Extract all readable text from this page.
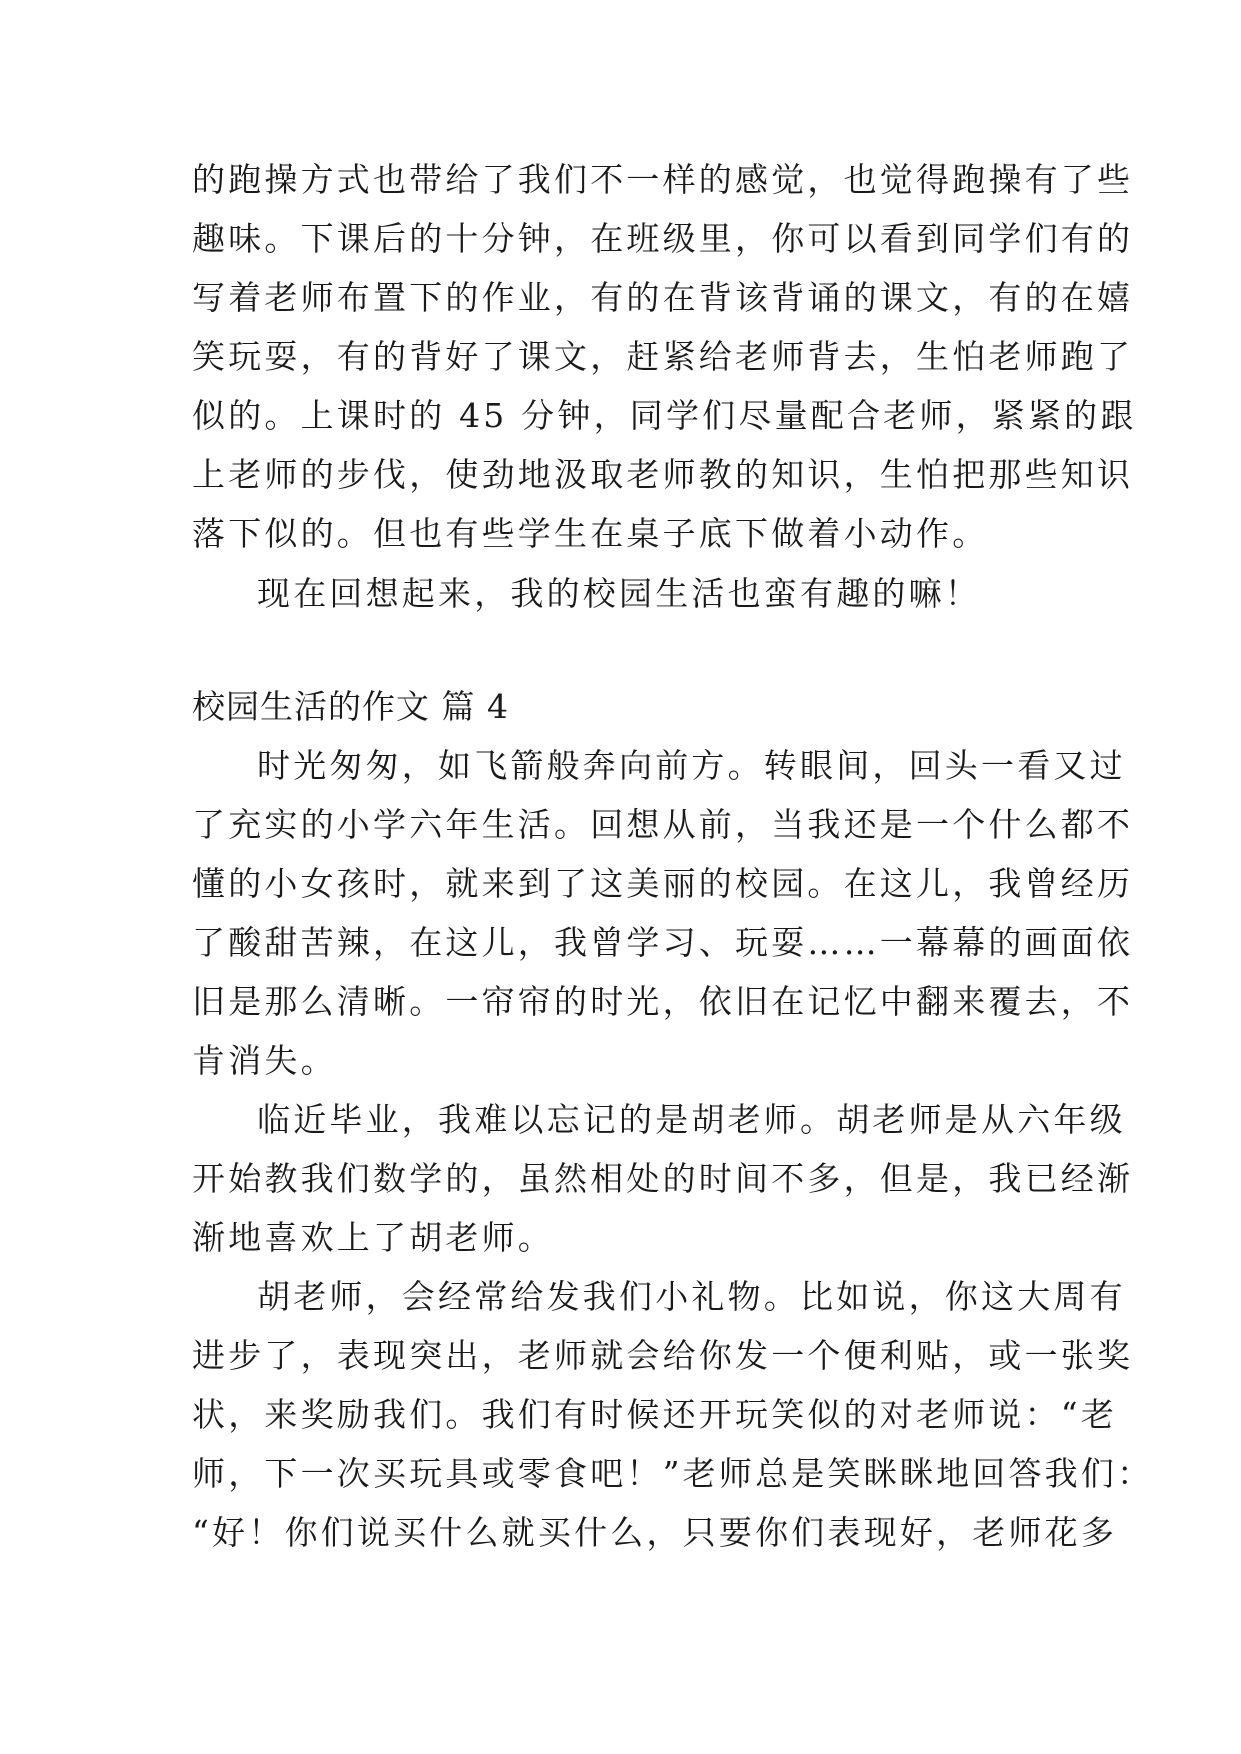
的跑操方式也带给了我们不一样的感觉，也觉得跑操有了些
趣味。下课后的十分钟，在班级里，你可以看到同学们有的
写着老师布置下的作业，有的在背该背诵的课文，有的在嬉
笑玩耍，有的背好了课文，赶紧给老师背去，生怕老师跑了
似的。上课时的 45 分钟，同学们尽量配合老师，紧紧的跟
上老师的步伐，使劲地汲取老师教的知识，生怕把那些知识
落下似的。但也有些学生在桌子底下做着小动作。
现在回想起来，我的校园生活也蛮有趣的嘛！
校园生活的作文 篇 4
时光匆匆，如飞箭般奔向前方。转眼间，回头一看又过
了充实的小学六年生活。回想从前，当我还是一个什么都不
懂的小女孩时，就来到了这美丽的校园。在这儿，我曾经历
了酸甜苦辣，在这儿，我曾学习、玩耍……一幕幕的画面依
旧是那么清晰。一帘帘的时光，依旧在记忆中翻来覆去，不
肯消失。
临近毕业，我难以忘记的是胡老师。胡老师是从六年级
开始教我们数学的，虽然相处的时间不多，但是，我已经渐
渐地喜欢上了胡老师。
胡老师，会经常给发我们小礼物。比如说，你这大周有
进步了，表现突出，老师就会给你发一个便利贴，或一张奖
状，来奖励我们。我们有时候还开玩笑似的对老师说：“老
师，下一次买玩具或零食吧！”老师总是笑眯眯地回答我们：
“好！你们说买什么就买什么，只要你们表现好，老师花多
